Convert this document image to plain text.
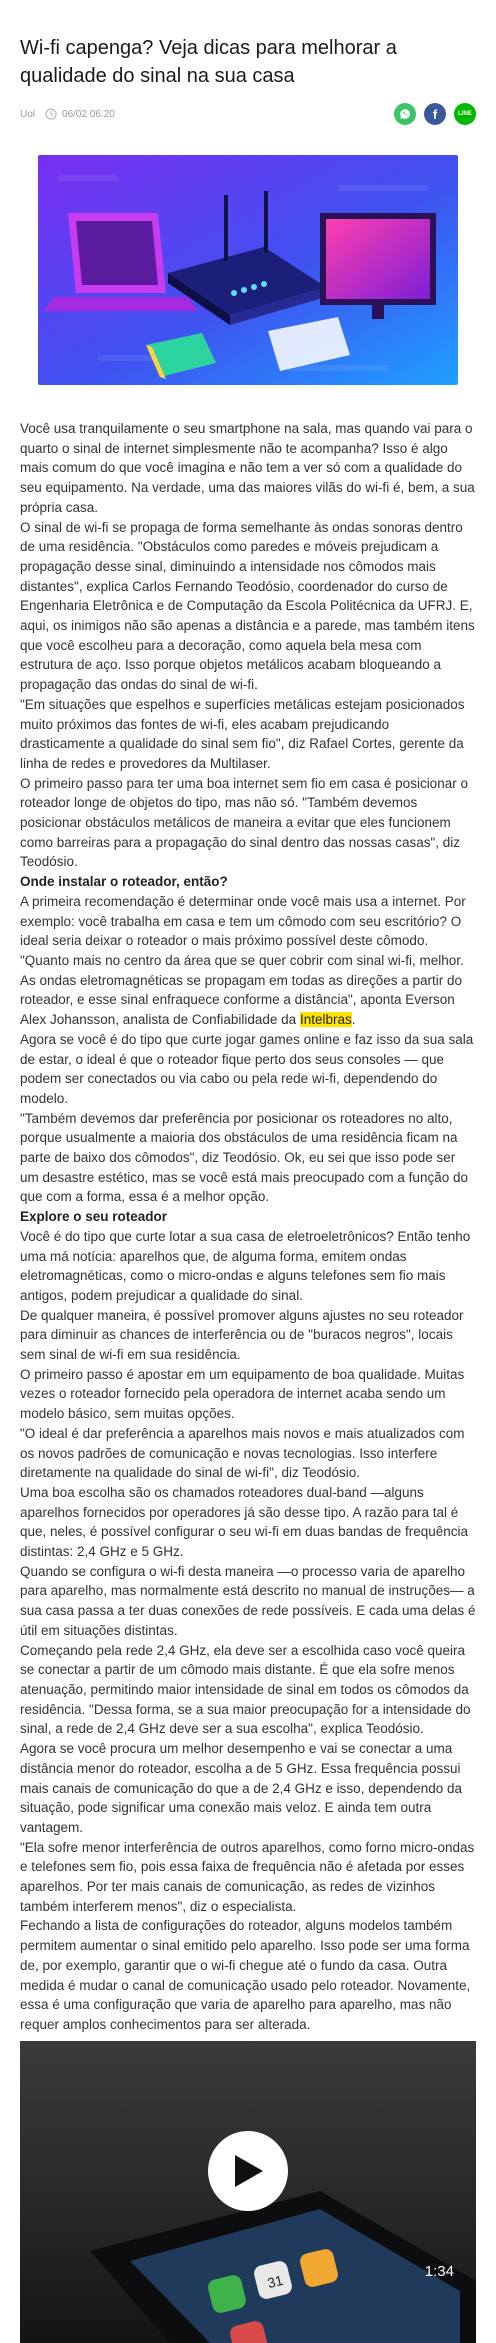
Wi-fi capenga? Veja dicas para melhorar a qualidade do sinal na sua casa
Uol	06/02 06:20	f	LINE

Você usa tranquilamente o seu smartphone na sala, mas quando vai para o quarto o sinal de internet simplesmente não te acompanha? Isso é algo mais comum do que você imagina e não tem a ver só com a qualidade do seu equipamento. Na verdade, uma das maiores vilãs do wi-fi é, bem, a sua própria casa.

O sinal de wi-fi se propaga de forma semelhante às ondas sonoras dentro de uma residência. "Obstáculos como paredes e móveis prejudicam a propagação desse sinal, diminuindo a intensidade nos cômodos mais distantes", explica Carlos Fernando Teodósio, coordenador do curso de Engenharia Eletrônica e de Computação da Escola Politécnica da UFRJ. E, aqui, os inimigos não são apenas a distância e a parede, mas também itens que você escolheu para a decoração, como aquela bela mesa com estrutura de aço. Isso porque objetos metálicos acabam bloqueando a propagação das ondas do sinal de wi-fi.

"Em situações que espelhos e superfícies metálicas estejam posicionados muito próximos das fontes de wi-fi, eles acabam prejudicando drasticamente a qualidade do sinal sem fio", diz Rafael Cortes, gerente da linha de redes e provedores da Multilaser.

O primeiro passo para ter uma boa internet sem fio em casa é posicionar o roteador longe de objetos do tipo, mas não só. "Também devemos posicionar obstáculos metálicos de maneira a evitar que eles funcionem como barreiras para a propagação do sinal dentro das nossas casas", diz Teodósio.

Onde instalar o roteador, então?

A primeira recomendação é determinar onde você mais usa a internet. Por exemplo: você trabalha em casa e tem um cômodo com seu escritório? O ideal seria deixar o roteador o mais próximo possível deste cômodo.

"Quanto mais no centro da área que se quer cobrir com sinal wi-fi, melhor. As ondas eletromagnéticas se propagam em todas as direções a partir do roteador, e esse sinal enfraquece conforme a distância", aponta Everson Alex Johansson, analista de Confiabilidade da Intelbras.

Agora se você é do tipo que curte jogar games online e faz isso da sua sala de estar, o ideal é que o roteador fique perto dos seus consoles — que podem ser conectados ou via cabo ou pela rede wi-fi, dependendo do modelo.

"Também devemos dar preferência por posicionar os roteadores no alto, porque usualmente a maioria dos obstáculos de uma residência ficam na parte de baixo dos cômodos", diz Teodósio. Ok, eu sei que isso pode ser um desastre estético, mas se você está mais preocupado com a função do que com a forma, essa é a melhor opção.

Explore o seu roteador

Você é do tipo que curte lotar a sua casa de eletroeletrônicos? Então tenho uma má notícia: aparelhos que, de alguma forma, emitem ondas eletromagnéticas, como o micro-ondas e alguns telefones sem fio mais antigos, podem prejudicar a qualidade do sinal.

De qualquer maneira, é possível promover alguns ajustes no seu roteador para diminuir as chances de interferência ou de "buracos negros", locais sem sinal de wi-fi em sua residência.

O primeiro passo é apostar em um equipamento de boa qualidade. Muitas vezes o roteador fornecido pela operadora de internet acaba sendo um modelo básico, sem muitas opções.

"O ideal é dar preferência a aparelhos mais novos e mais atualizados com os novos padrões de comunicação e novas tecnologias. Isso interfere diretamente na qualidade do sinal de wi-fi", diz Teodósio.

Uma boa escolha são os chamados roteadores dual-band —alguns aparelhos fornecidos por operadores já são desse tipo. A razão para tal é que, neles, é possível configurar o seu wi-fi em duas bandas de frequência distintas: 2,4 GHz e 5 GHz.

Quando se configura o wi-fi desta maneira —o processo varia de aparelho para aparelho, mas normalmente está descrito no manual de instruções— a sua casa passa a ter duas conexões de rede possíveis. E cada uma delas é útil em situações distintas.

Começando pela rede 2,4 GHz, ela deve ser a escolhida caso você queira se conectar a partir de um cômodo mais distante. É que ela sofre menos atenuação, permitindo maior intensidade de sinal em todos os cômodos da residência. "Dessa forma, se a sua maior preocupação for a intensidade do sinal, a rede de 2,4 GHz deve ser a sua escolha", explica Teodósio.

Agora se você procura um melhor desempenho e vai se conectar a uma distância menor do roteador, escolha a de 5 GHz. Essa frequência possui mais canais de comunicação do que a de 2,4 GHz e isso, dependendo da situação, pode significar uma conexão mais veloz. E ainda tem outra vantagem.

"Ela sofre menor interferência de outros aparelhos, como forno micro-ondas e telefones sem fio, pois essa faixa de frequência não é afetada por esses aparelhos. Por ter mais canais de comunicação, as redes de vizinhos também interferem menos", diz o especialista.

Fechando a lista de configurações do roteador, alguns modelos também permitem aumentar o sinal emitido pelo aparelho. Isso pode ser uma forma de, por exemplo, garantir que o wi-fi chegue até o fundo da casa. Outra medida é mudar o canal de comunicação usado pelo roteador. Novamente, essa é uma configuração que varia de aparelho para aparelho, mas não requer amplos conhecimentos para ser alterada.

31
1:34
